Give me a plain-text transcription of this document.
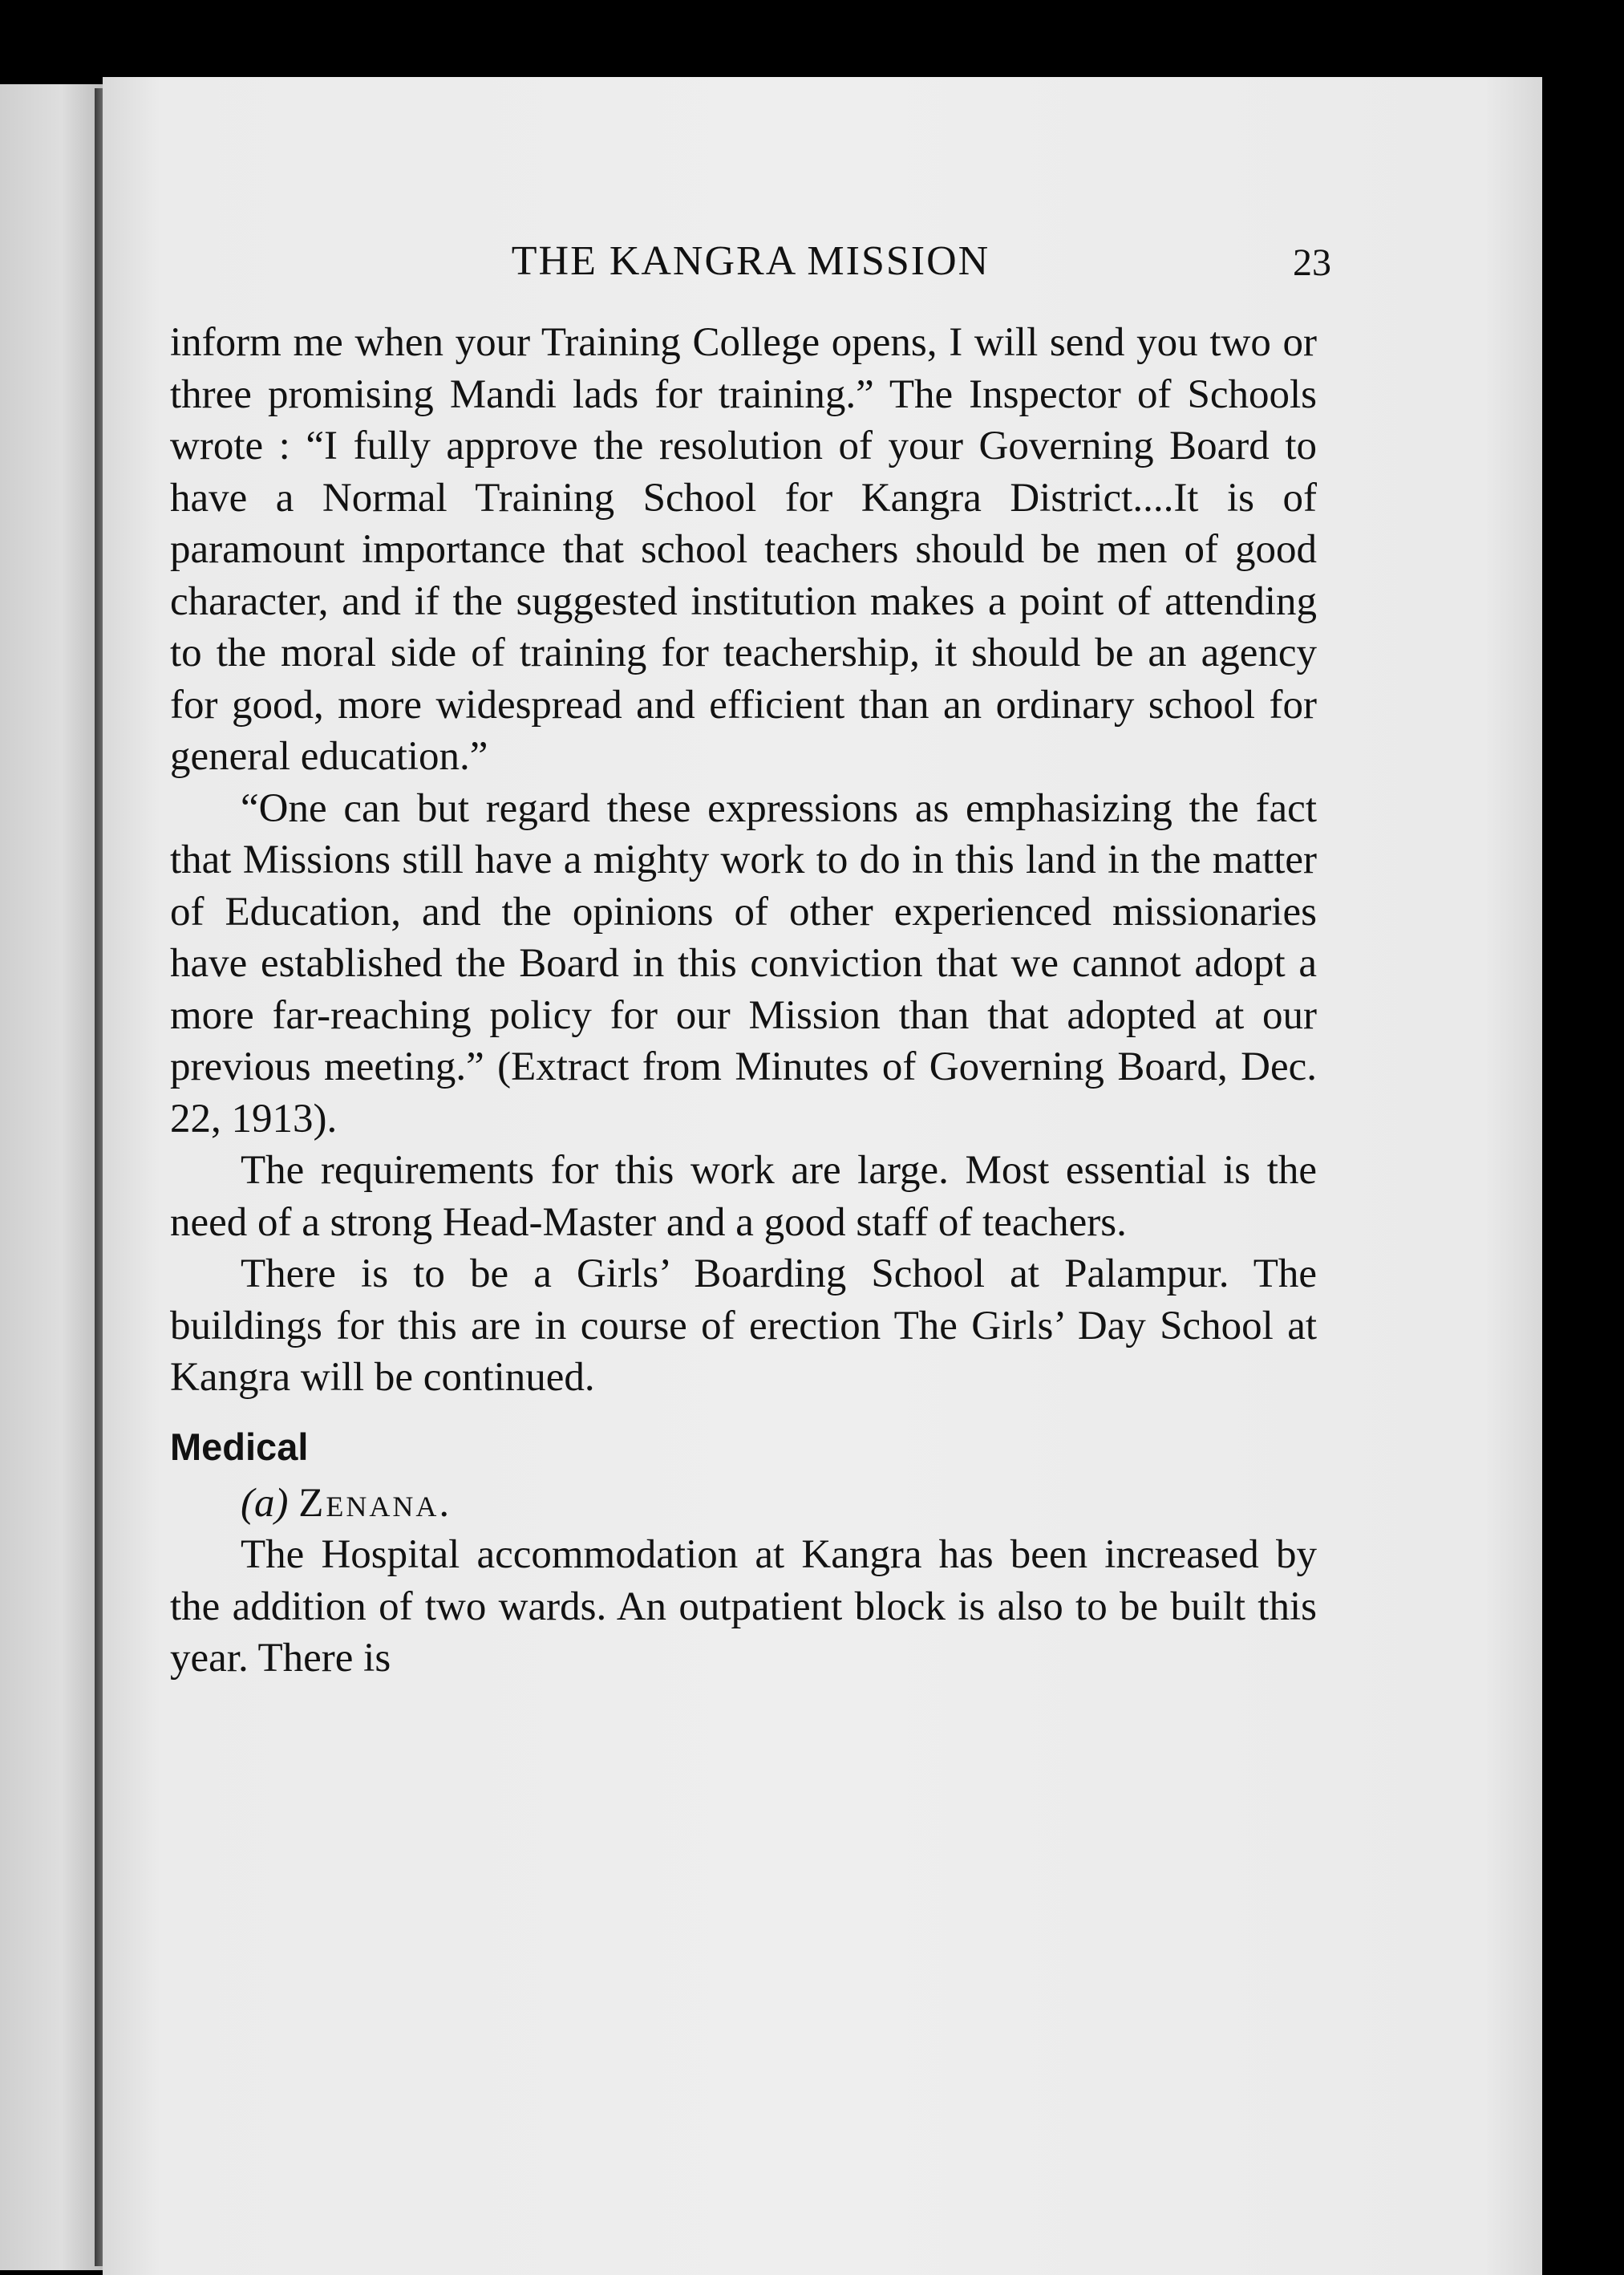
THE KANGRA MISSION	23

inform me when your Training College opens, I will send you two or three promising Mandi lads for training.” The Inspector of Schools wrote : “I fully approve the resolution of your Governing Board to have a Normal Training School for Kangra District....It is of paramount importance that school teachers should be men of good character, and if the suggested institution makes a point of attending to the moral side of training for teachership, it should be an agency for good, more widespread and efficient than an ordinary school for general education.”

“One can but regard these expressions as emphasizing the fact that Missions still have a mighty work to do in this land in the matter of Education, and the opinions of other experienced missionaries have established the Board in this conviction that we cannot adopt a more far-reaching policy for our Mission than that adopted at our previous meeting.” (Extract from Minutes of Governing Board, Dec. 22, 1913).

The requirements for this work are large. Most essential is the need of a strong Head-Master and a good staff of teachers.

There is to be a Girls’ Boarding School at Palampur. The buildings for this are in course of erection The Girls’ Day School at Kangra will be continued.

Medical

(a) Zenana.

The Hospital accommodation at Kangra has been increased by the addition of two wards. An outpatient block is also to be built this year. There is
